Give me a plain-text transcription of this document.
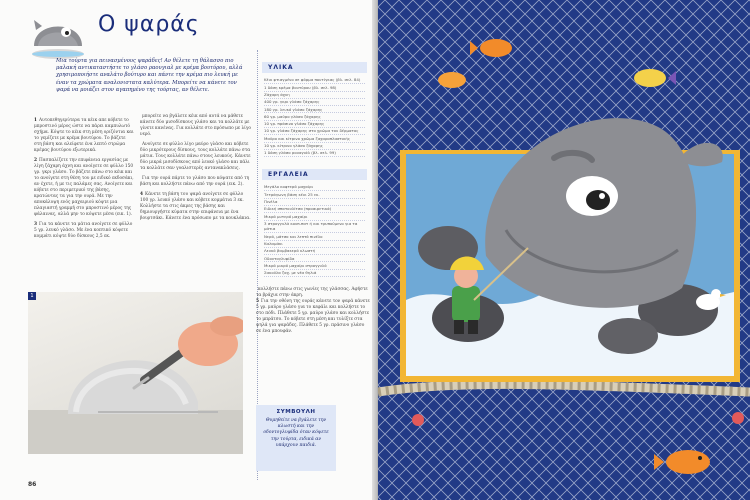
Ο ψαράς
Μια τούρτα για πεινασμένους ψαράδες! Αν θέλετε τη θάλασσο πιο μαλακή αντικαταστήστε το γλάσο ραουγιαλ με κρέμα βουτύρου, αλλά χρησιμοποιήστε αναλάτο βούτυρο και πάντε την κρέμα πιο λευκή με έναν τα χρώματα αναλονιστατα καλύτερα. Μπορείτε να κάνετε τον ψαρά να μοιάζει στον αγαπημένο της τούρτας, αν θέλετε.

1 Αυτοπεθηγερύτερα τα κέικ απε κόβετε το μπροστινό μέρος ώστε να πάρει καμπυλωτό σχήμα. Κόψτε το κέικ στη μέση οριζόντια και το γεμίζετε με κρέμα βουτύρου. Το βάζετε στη βάση και αλείφετε ένα λεπτό στρώμα κρέμας βουτύρου εξωτερικά.

2 Πασπαλίζετε την επιφάνεια εργασίας με λίγη ζάχαρη άχνη και ανοίγετε σε φύλλο 150 γρ. γκρι γλάσο. Το βάζετε πάνω στο κέικ και το ανοίγετε στη θέση του με ειδικό εκδοσάκι, αν έχετε, ή με τις παλάμες σας. Ανοίγετε και κόβετε στο περιμετρικό της βάσης, κρατώντας τα για την ουρά. Με την αποκάλυψη ενός μαχαιριού κόψτε μια πλαγιαστή γραμμή στο μπροστινό μέρος της φάλαινας, αλλά μην το κόψετε μέσα (εικ. 1).

3 Για τα κάνετε τα μάτια ανοίγετε σε φύλλο 5 γρ. λευκό γλάσο. Με ένα κοπτικό κόψετε κομμάτι κόψτε δύο δίσκους 2,5 εκ.

μπορείτε να βγάλετε κέικ από αυτά να μάθετε κάνετε δύο μισοδίσκους γλάσο και τα κολλάτε με γίνετε κανένας. Για κολλάτε στο πρόσωπο με λίγο νερό.

Ανοίγετε σε φύλλο λίγο μαύρο γλάσο και κόβετε δύο μικρότερους δίσκους, τους κολλάτε πάνω στα μάτια. Τους κολλάτε πάνω στους λευκούς. Κάνετε δύο μικρά μισοδίσκους από λευκό γλάσο και πάλι τα κολλάτε σαν γυαλιστερές αντανακλάσεις.

Για την ουρά πάρτε το γλάσο που κόψατε από τη βάση και κολλήστε πάνω από την ουρά (εικ. 2).

4 Κάνετε τη βάση του ψαρά ανοίγετε σε φύλλο 100 γρ. λευκό γλάσο και κόβετε κομμάτια 3 εκ. Κολλήστε τα στις άκρες της βάσης και δημιουργήστε κύματα στην επιφάνεια με ένα βουρτσάκι. Κάνετε ένα πρόσωπο με τα κουκλάκια.

ΥΛΙΚΑ
Κέικ φτιαγμένο σε φόρμα πουτίγκας (βλ. σελ. 84)
1 δόση κρέμα βουτύρου (βλ. σελ. 98)
Ζάχαρη άχνη
400 γρ. γκρι γλάσο ζάχαρης
180 γρ. λευκό γλάσο ζάχαρης
60 γρ. μαύρο γλάσο ζάχαρης
10 γρ. πράσινο γλάσο ζάχαρης
10 γρ. γλάσο ζάχαρης στο χρώμα του δέρματος
Μαύρο και κίτρινο χρώμα ζαχαροπλαστικής
10 γρ. κίτρινο γλάσο ζάχαρης
1 δόση γλάσο ρουαγιάλ (βλ. σελ. 99)
ΕΡΓΑΛΕΙΑ
Μεγάλο κοφτερό μαχαίρι
Τετράγωνη βάση κέικ 25 εκ.
Πινέλα
Ειδική σπατουλίτσα (προαιρετικά)
Μικρό μυτερό μαχαίρι
3 στρογγυλά κουπ-πατ ή και τρυπούμενο για τα μάτια
Νερό, μάτσο και λεπτό πινέλο
Καλαμάκι
Λευκό βαμβακερό κλωστή
Οδοντογλυφίδα
Μικρό μικρό μαχαίρι στρογγυλό
Σακούλα ζαχ. με νέα θηλιά
1

κολλήστε πάνω στις γωνίες της γλάσσας. Αφήστε τα βράχια στην άκρη.

5 Για την οθόνη της ουράς κάνετε τον ψαρά κάνετε 5 γρ. μαύρο γλάσο για το κεφάλι και κολλήστε το στο πόδι. Πλάθετε 5 γρ. μαύρο γλάσο και κολλήστε το μπράτσο. Το κόβετε στη μέση και τυλίξτε στα ψηλά για ψαράδες. Πλάθετε 5 γρ. πράσινο γλάσο σε ένα μπουφάν.

ΣΥΜΒΟΥΛΗ
Θυμηθείτε να βγάλετε την κλωστή και την οδοντογλυφίδα όταν κόψετε την τούρτα, ειδικά αν υπάρχουν παιδιά.
86
